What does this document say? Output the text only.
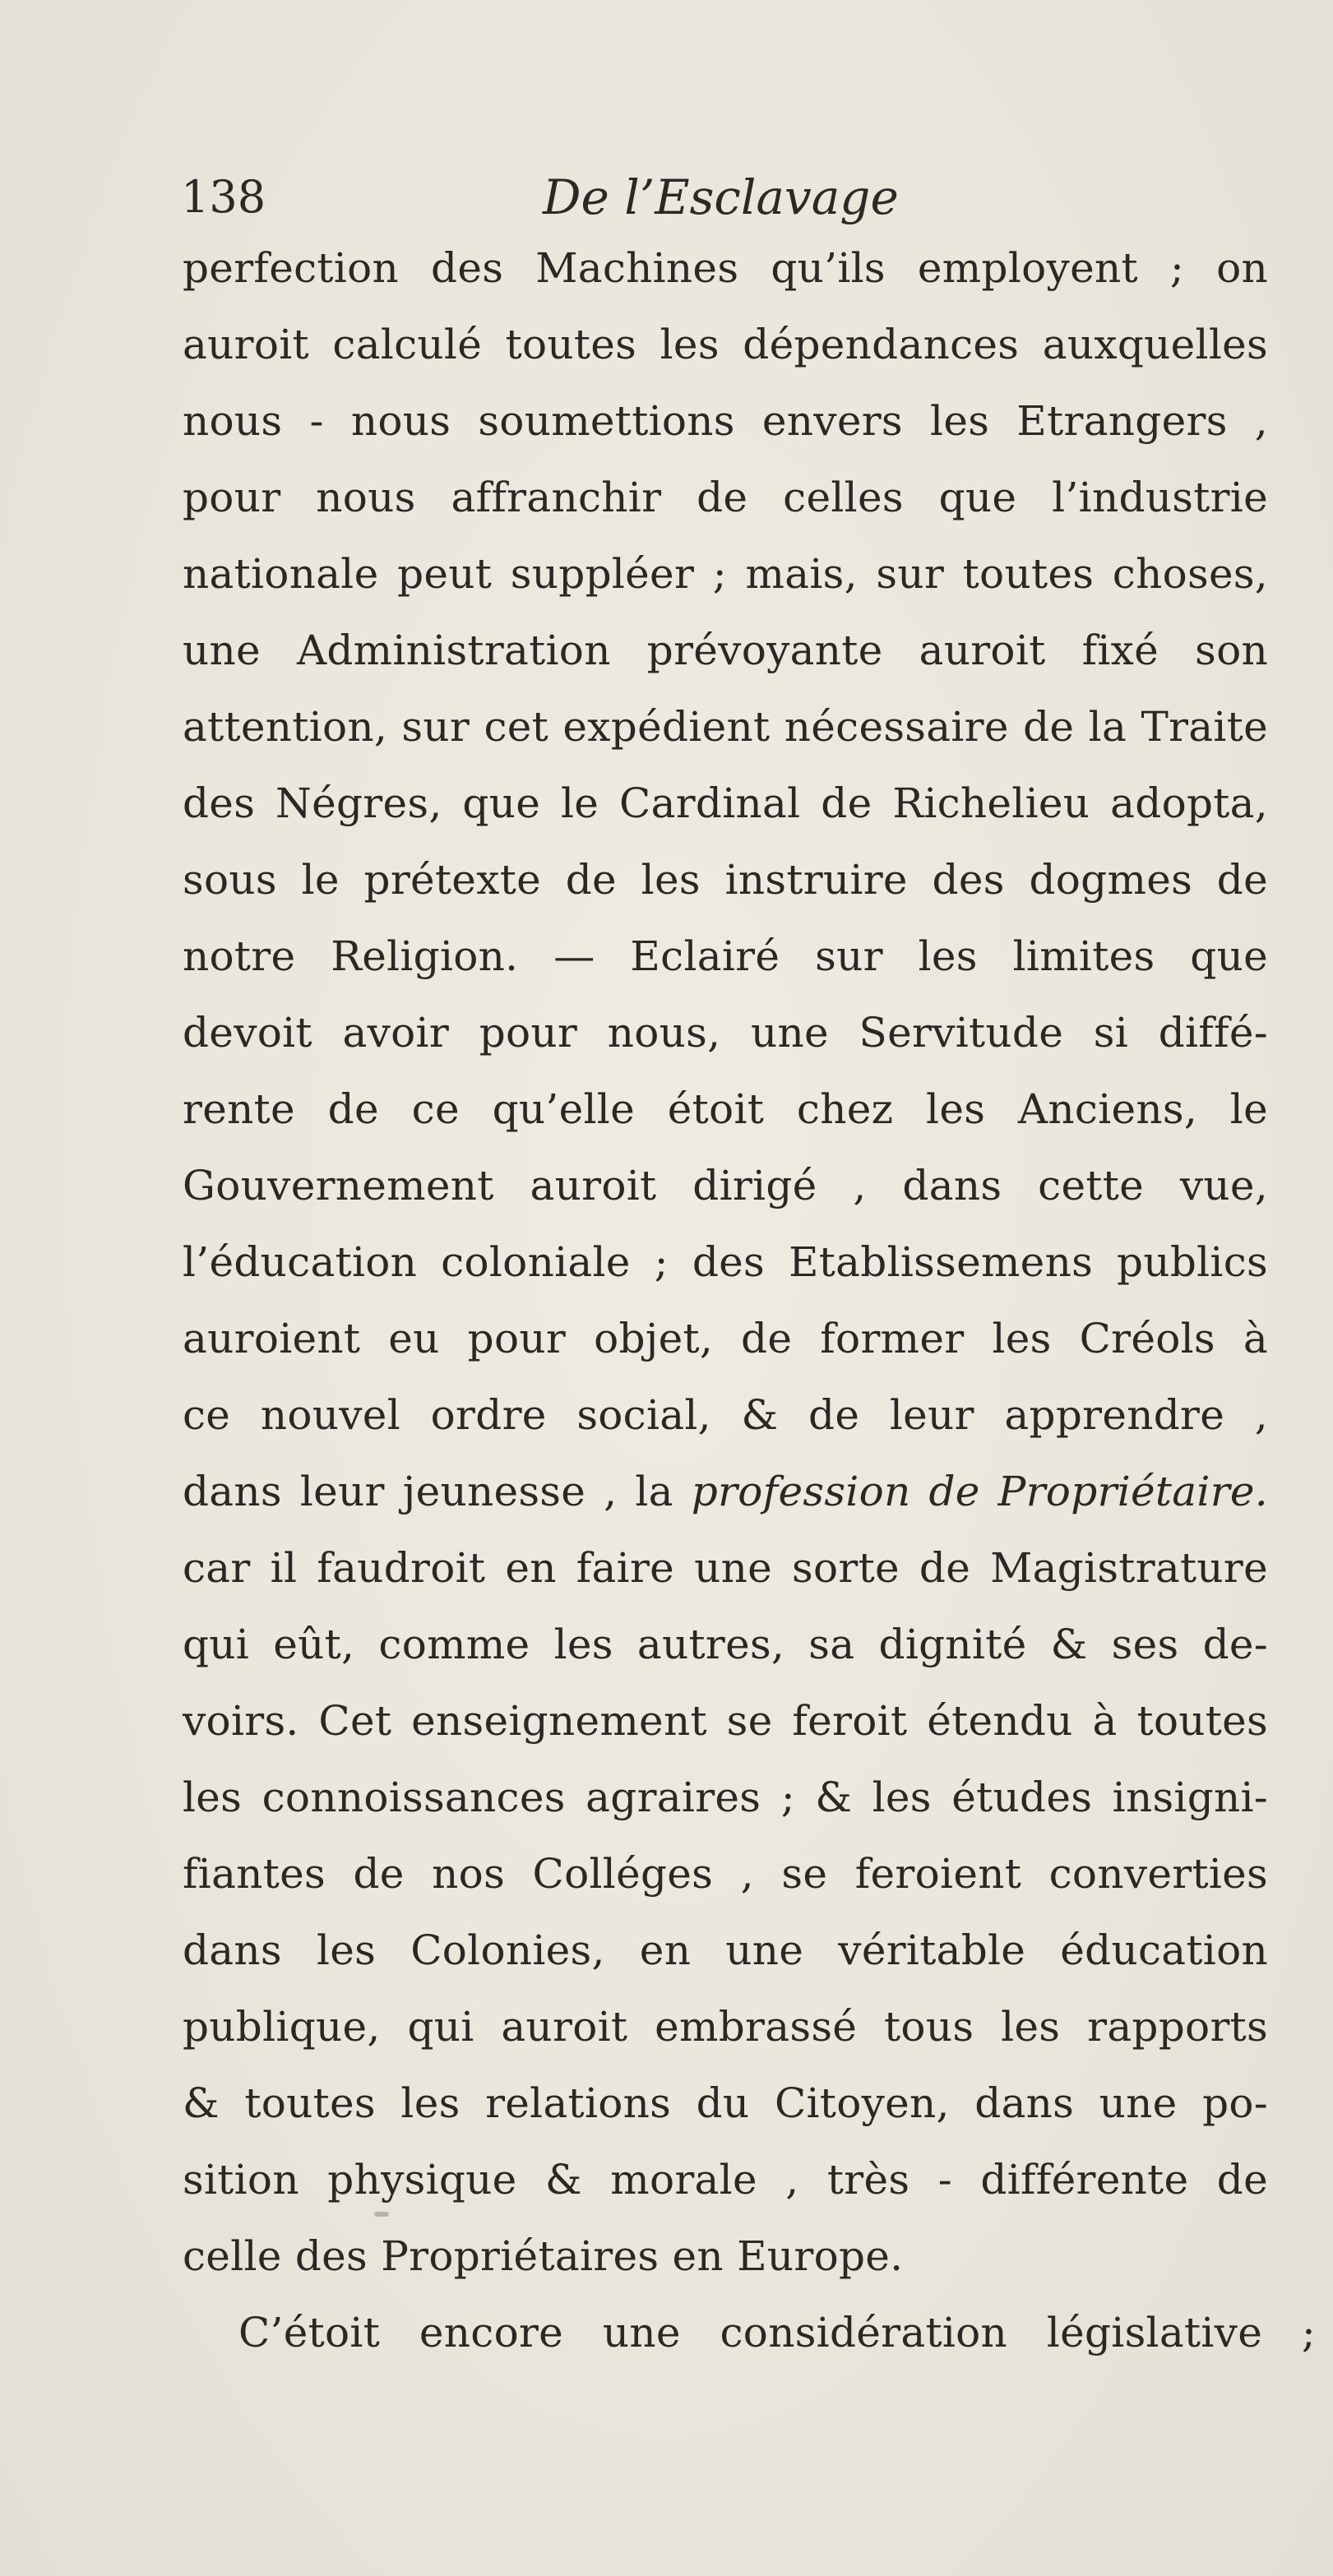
138	De l’Esclavage
perfection des Machines qu’ils employent ; on
auroit calculé toutes les dépendances auxquelles
nous - nous soumettions envers les Etrangers ,
pour nous affranchir de celles que l’industrie
nationale peut suppléer ; mais, sur toutes choses,
une Administration prévoyante auroit fixé son
attention, sur cet expédient nécessaire de la Traite
des Négres, que le Cardinal de Richelieu adopta,
sous le prétexte de les instruire des dogmes de
notre Religion. — Eclairé sur les limites que
devoit avoir pour nous, une Servitude si diffé-
rente de ce qu’elle étoit chez les Anciens, le
Gouvernement auroit dirigé , dans cette vue,
l’éducation coloniale ; des Etablissemens publics
auroient eu pour objet, de former les Créols à
ce nouvel ordre social, & de leur apprendre ,
dans leur jeunesse , la profession de Propriétaire.
car il faudroit en faire une sorte de Magistrature
qui eût, comme les autres, sa dignité & ses de-
voirs. Cet enseignement se feroit étendu à toutes
les connoissances agraires ; & les études insigni-
fiantes de nos Colléges , se feroient converties
dans les Colonies, en une véritable éducation
publique, qui auroit embrassé tous les rapports
& toutes les relations du Citoyen, dans une po-
sition physique & morale , très - différente de
celle des Propriétaires en Europe.
C’étoit encore une considération législative ;
